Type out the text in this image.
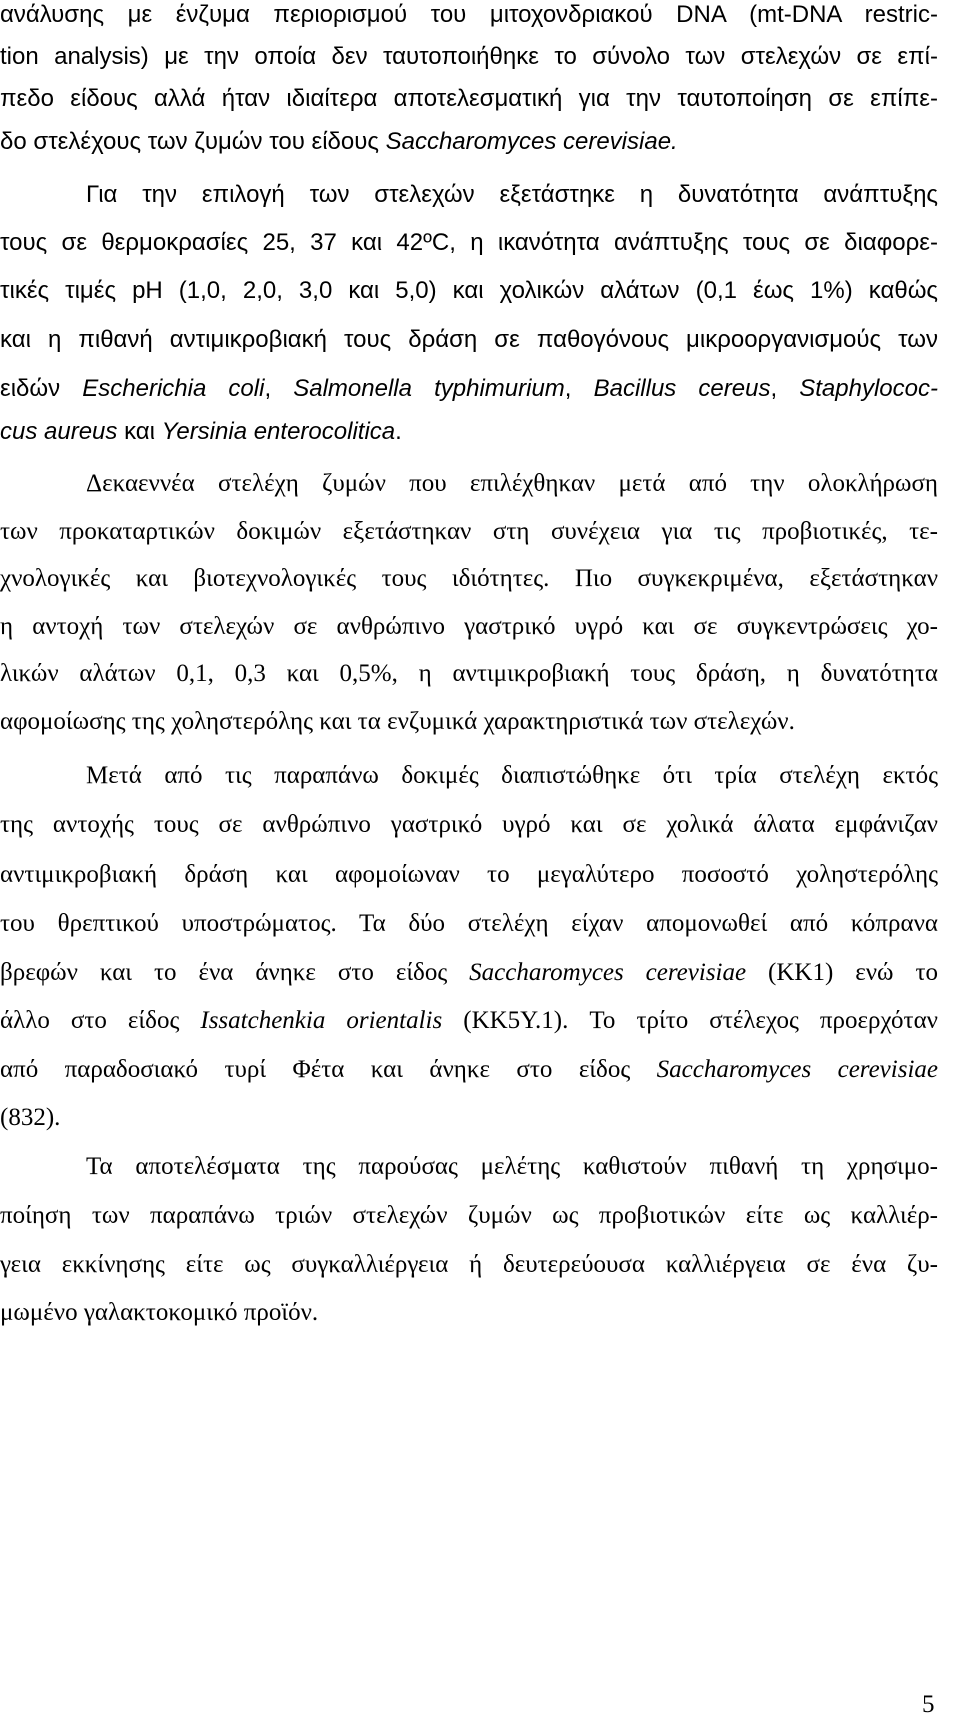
ανάλυσης με ένζυμα περιορισμού του μιτοχονδριακού DNA (mt-DNA restric-
tion analysis) με την οποία δεν ταυτοποιήθηκε το σύνολο των στελεχών σε επί-
πεδο είδους αλλά ήταν ιδιαίτερα αποτελεσματική για την ταυτοποίηση σε επίπε-
δο στελέχους των ζυμών του είδους Saccharomyces cerevisiae.
Για την επιλογή των στελεχών εξετάστηκε η δυνατότητα ανάπτυξης
τους σε θερμοκρασίες 25, 37 και 42ºC, η ικανότητα ανάπτυξης τους σε διαφορε-
τικές τιμές pH (1,0, 2,0, 3,0 και 5,0) και χολικών αλάτων (0,1 έως 1%) καθώς
και η πιθανή αντιμικροβιακή τους δράση σε παθογόνους μικροοργανισμούς των
ειδών Escherichia coli, Salmonella typhimurium, Bacillus cereus, Staphylococ-
cus aureus και Yersinia enterocolitica.
Δεκαεννέα στελέχη ζυμών που επιλέχθηκαν μετά από την ολοκλήρωση
των προκαταρτικών δοκιμών εξετάστηκαν στη συνέχεια για τις προβιοτικές, τε-
χνολογικές και βιοτεχνολογικές τους ιδιότητες. Πιο συγκεκριμένα, εξετάστηκαν
η αντοχή των στελεχών σε ανθρώπινο γαστρικό υγρό και σε συγκεντρώσεις χο-
λικών αλάτων 0,1, 0,3 και 0,5%, η αντιμικροβιακή τους δράση, η δυνατότητα
αφομοίωσης της χοληστερόλης και τα ενζυμικά χαρακτηριστικά των στελεχών.
Μετά από τις παραπάνω δοκιμές διαπιστώθηκε ότι τρία στελέχη εκτός
της αντοχής τους σε ανθρώπινο γαστρικό υγρό και σε χολικά άλατα εμφάνιζαν
αντιμικροβιακή δράση και αφομοίωναν το μεγαλύτερο ποσοστό χοληστερόλης
του θρεπτικού υποστρώματος. Τα δύο στελέχη είχαν απομονωθεί από κόπρανα
βρεφών και το ένα άνηκε στο είδος Saccharomyces cerevisiae (KK1) ενώ το
άλλο στο είδος Issatchenkia orientalis (KK5Y.1). Το τρίτο στέλεχος προερχόταν
από παραδοσιακό τυρί Φέτα και άνηκε στο είδος Saccharomyces cerevisiae
(832).
Τα αποτελέσματα της παρούσας μελέτης καθιστούν πιθανή τη χρησιμο-
ποίηση των παραπάνω τριών στελεχών ζυμών ως προβιοτικών είτε ως καλλιέρ-
γεια εκκίνησης είτε ως συγκαλλιέργεια ή δευτερεύουσα καλλιέργεια σε ένα ζυ-
μωμένο γαλακτοκομικό προϊόν.
5
